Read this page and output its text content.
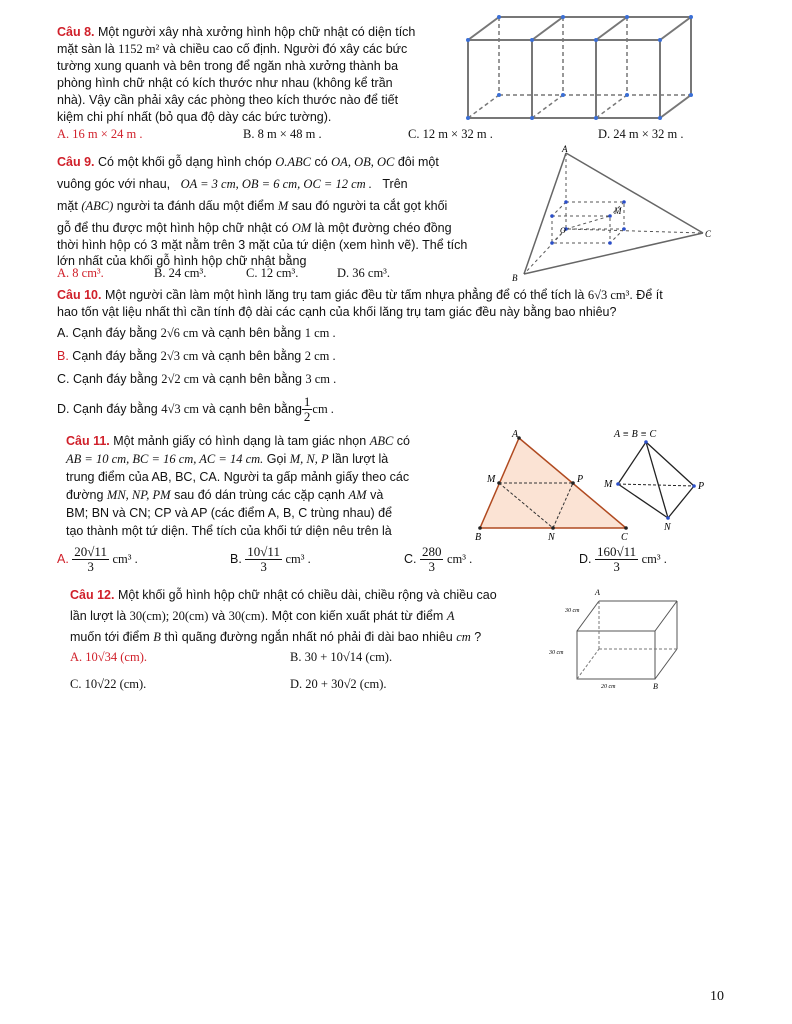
Câu 8. Một người xây nhà xưởng hình hộp chữ nhật có diện tích
mặt sàn là 1152 m² và chiều cao cố định. Người đó xây các bức
tường xung quanh và bên trong để ngăn nhà xưởng thành ba
phòng hình chữ nhật có kích thước như nhau (không kể trần
nhà). Vậy cần phải xây các phòng theo kích thước nào để tiết
kiệm chi phí nhất (bỏ qua độ dày các bức tường).
A. 16 m × 24 m .	B. 8 m × 48 m .	C. 12 m × 32 m .	D. 24 m × 32 m .
Câu 9. Có một khối gỗ dạng hình chóp O.ABC có OA, OB, OC đôi một
vuông góc với nhau, OA = 3 cm, OB = 6 cm, OC = 12 cm . Trên
mặt (ABC) người ta đánh dấu một điểm M sau đó người ta cắt gọt khối
gỗ để thu được một hình hộp chữ nhật có OM là một đường chéo đồng
thời hình hộp có 3 mặt nằm trên 3 mặt của tứ diện (xem hình vẽ). Thể tích
lớn nhất của khối gỗ hình hộp chữ nhật bằng
A
B
C
M
O
A. 8 cm³.	B. 24 cm³.	C. 12 cm³.	D. 36 cm³.
Câu 10. Một người cần làm một hình lăng trụ tam giác đều từ tấm nhựa phẳng để có thể tích là 6√3 cm³. Để ít
hao tốn vật liệu nhất thì cần tính độ dài các cạnh của khối lăng trụ tam giác đều này bằng bao nhiêu?
A. Cạnh đáy bằng 2√6 cm và cạnh bên bằng 1 cm .
B. Cạnh đáy bằng 2√3 cm và cạnh bên bằng 2 cm .
C. Cạnh đáy bằng 2√2 cm và cạnh bên bằng 3 cm .
D. Cạnh đáy bằng 4√3 cm và cạnh bên bằng $\frac{1}{2}$ cm .
Câu 11. Một mảnh giấy có hình dạng là tam giác nhọn ABC có
AB = 10 cm, BC = 16 cm, AC = 14 cm. Gọi M, N, P lần lượt là
trung điểm của AB, BC, CA. Người ta gấp mảnh giấy theo các
đường MN, NP, PM sau đó dán trùng các cặp cạnh AM và
BM; BN và CN; CP và AP (các điểm A, B, C trùng nhau) để
tạo thành một tứ diện. Thể tích của khối tứ diện nêu trên là
A
B	C
M	P
N
A ≡ B ≡ C
M	P
N
A. $\frac{20√11}{3} cm^3$ .	B. $\frac{10√11}{3} cm^3$ .	C. $\frac{280}{3} cm^3$ .	D. $\frac{160√11}{3} cm^3$ .
Câu 12. Một khối gỗ hình hộp chữ nhật có chiều dài, chiều rộng và chiều cao
lần lượt là 30(cm); 20(cm) và 30(cm). Một con kiến xuất phát từ điểm A
muốn tới điểm B thì quãng đường ngắn nhất nó phải đi dài bao nhiêu cm ?
A
B
30 cm
30 cm
20 cm
A. 10√34 (cm).	B. 30 + 10√14 (cm).
C. 10√22 (cm).	D. 20 + 30√2 (cm).
10
